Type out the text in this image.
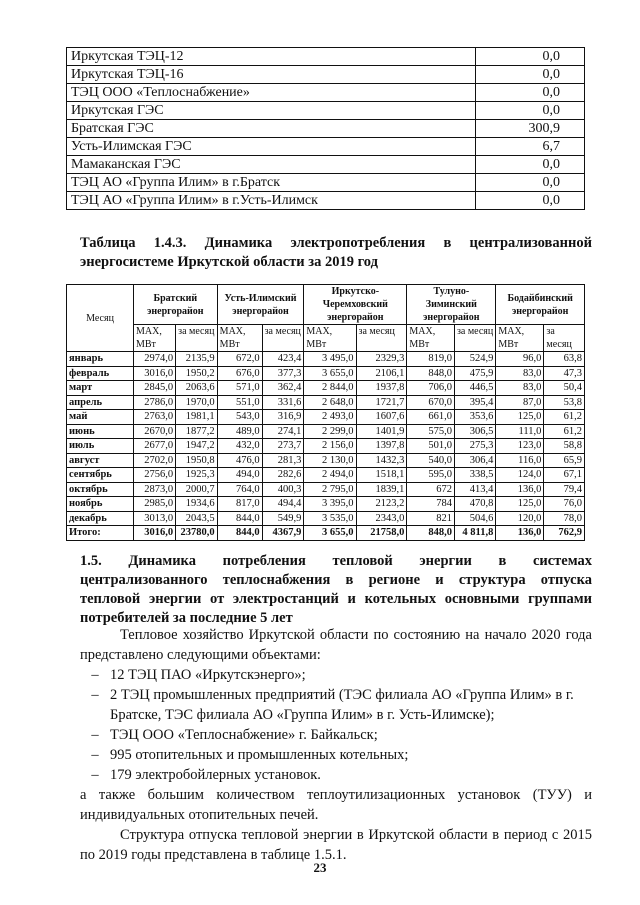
Иркутская ТЭЦ-12	0,0
Иркутская ТЭЦ-16	0,0
ТЭЦ ООО «Теплоснабжение»	0,0
Иркутская ГЭС	0,0
Братская ГЭС	300,9
Усть-Илимская ГЭС	6,7
Мамаканская ГЭС	0,0
ТЭЦ АО «Группа Илим» в г.Братск	0,0
ТЭЦ АО «Группа Илим» в г.Усть-Илимск	0,0
Таблица 1.4.3. Динамика электропотребления в централизованной
энергосистеме Иркутской области за 2019 год
Месяц	Братский энергорайон		Усть-Илимский энергорайон		Иркутско-Черемховский энергорайон		Тулуно-Зиминский энергорайон		Бодайбинский энергорайон	
	MAX, МВт	за месяц	MAX, МВт	за месяц	MAX, МВт	за месяц	MAX, МВт	за месяц	MAX, МВт	за месяц
январь	2974,0	2135,9	672,0	423,4	3 495,0	2329,3	819,0	524,9	96,0	63,8
февраль	3016,0	1950,2	676,0	377,3	3 655,0	2106,1	848,0	475,9	83,0	47,3
март	2845,0	2063,6	571,0	362,4	2 844,0	1937,8	706,0	446,5	83,0	50,4
апрель	2786,0	1970,0	551,0	331,6	2 648,0	1721,7	670,0	395,4	87,0	53,8
май	2763,0	1981,1	543,0	316,9	2 493,0	1607,6	661,0	353,6	125,0	61,2
июнь	2670,0	1877,2	489,0	274,1	2 299,0	1401,9	575,0	306,5	111,0	61,2
июль	2677,0	1947,2	432,0	273,7	2 156,0	1397,8	501,0	275,3	123,0	58,8
август	2702,0	1950,8	476,0	281,3	2 130,0	1432,3	540,0	306,4	116,0	65,9
сентябрь	2756,0	1925,3	494,0	282,6	2 494,0	1518,1	595,0	338,5	124,0	67,1
октябрь	2873,0	2000,7	764,0	400,3	2 795,0	1839,1	672	413,4	136,0	79,4
ноябрь	2985,0	1934,6	817,0	494,4	3 395,0	2123,2	784	470,8	125,0	76,0
декабрь	3013,0	2043,5	844,0	549,9	3 535,0	2343,0	821	504,6	120,0	78,0
Итого:	3016,0	23780,0	844,0	4367,9	3 655,0	21758,0	848,0	4 811,8	136,0	762,9
1.5. Динамика потребления тепловой энергии в системах
централизованного теплоснабжения в регионе и структура отпуска
тепловой энергии от электростанций и котельных основными группами
потребителей за последние 5 лет

Тепловое хозяйство Иркутской области по состоянию на начало 2020 года представлено следующими объектами:

– 12 ТЭЦ ПАО «Иркутскэнерго»;
– 2 ТЭЦ промышленных предприятий (ТЭС филиала АО «Группа Илим» в г. Братске, ТЭС филиала АО «Группа Илим» в г. Усть-Илимске);
– ТЭЦ ООО «Теплоснабжение» г. Байкальск;
– 995 отопительных и промышленных котельных;
– 179 электробойлерных установок.

а также большим количеством теплоутилизационных установок (ТУУ) и индивидуальных отопительных печей.

Структура отпуска тепловой энергии в Иркутской области в период с 2015 по 2019 годы представлена в таблице 1.5.1.

23
